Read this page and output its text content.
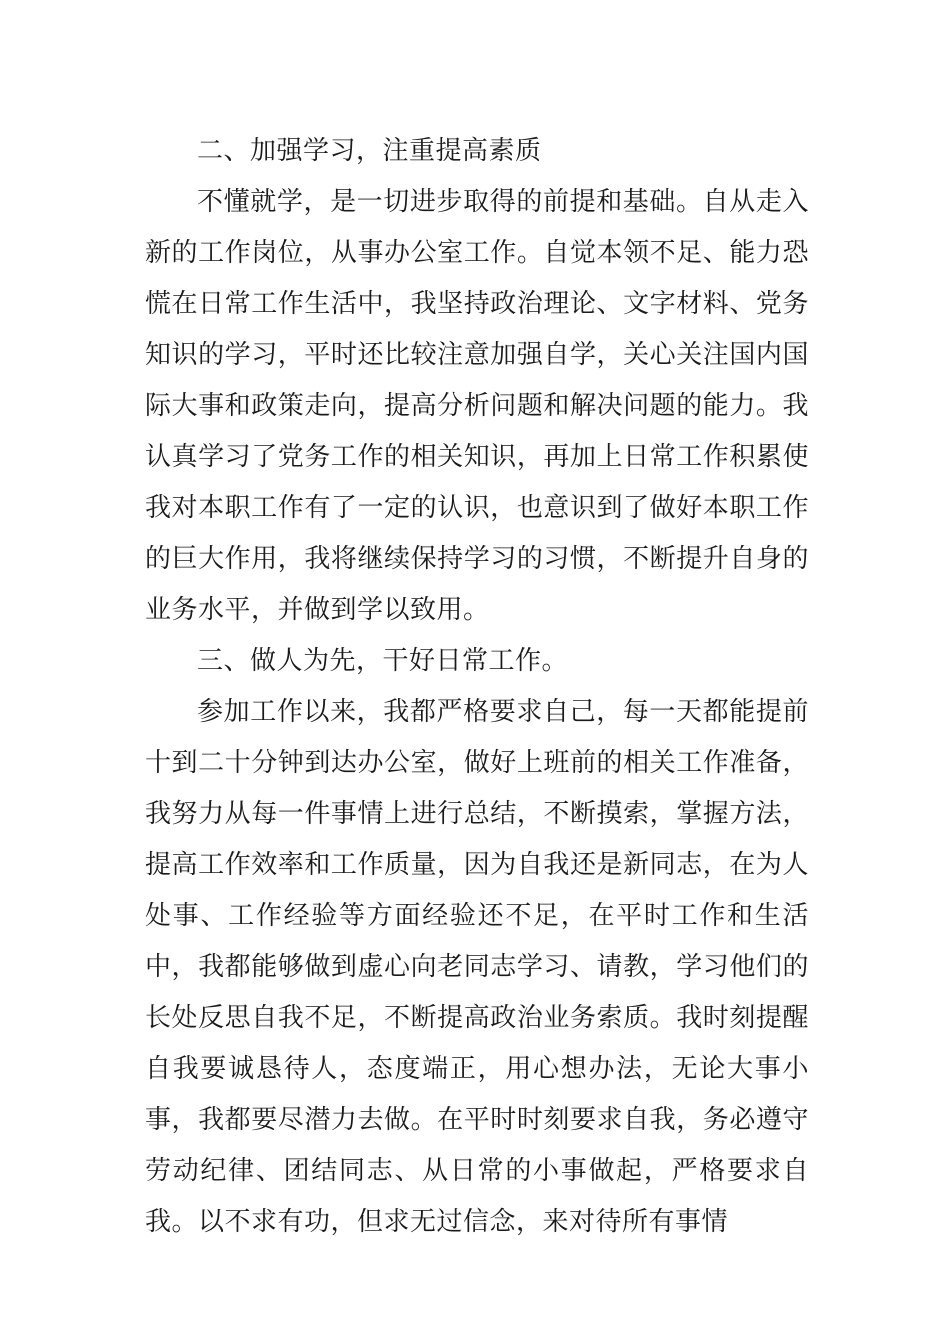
二、加强学习，注重提高素质

不懂就学，是一切进步取得的前提和基础。自从走入新的工作岗位，从事办公室工作。自觉本领不足、能力恐慌在日常工作生活中，我坚持政治理论、文字材料、党务知识的学习，平时还比较注意加强自学，关心关注国内国际大事和政策走向，提高分析问题和解决问题的能力。我认真学习了党务工作的相关知识，再加上日常工作积累使我对本职工作有了一定的认识，也意识到了做好本职工作的巨大作用，我将继续保持学习的习惯，不断提升自身的业务水平，并做到学以致用。

三、做人为先，干好日常工作。

参加工作以来，我都严格要求自己，每一天都能提前十到二十分钟到达办公室，做好上班前的相关工作准备，我努力从每一件事情上进行总结，不断摸索，掌握方法，提高工作效率和工作质量，因为自我还是新同志，在为人处事、工作经验等方面经验还不足，在平时工作和生活中，我都能够做到虚心向老同志学习、请教，学习他们的长处反思自我不足，不断提高政治业务索质。我时刻提醒自我要诚恳待人，态度端正，用心想办法，无论大事小事，我都要尽潜力去做。在平时时刻要求自我，务必遵守劳动纪律、团结同志、从日常的小事做起，严格要求自我。以不求有功，但求无过信念，来对待所有事情
